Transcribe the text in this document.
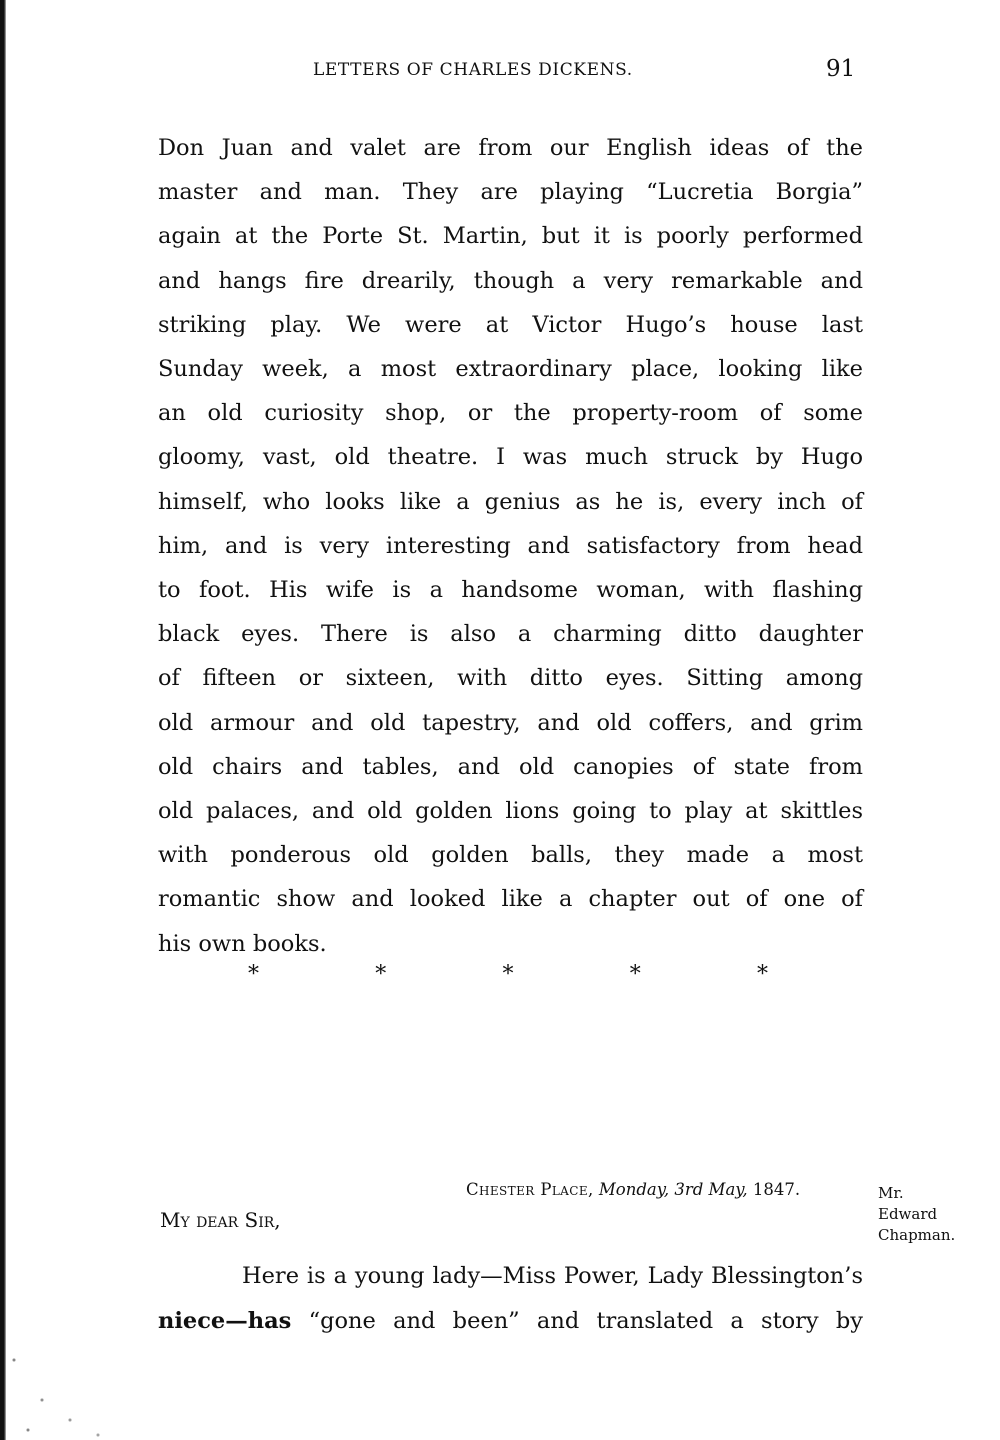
LETTERS OF CHARLES DICKENS.	91
Don Juan and valet are from our English ideas of the
master and man. They are playing “Lucretia Borgia”
again at the Porte St. Martin, but it is poorly performed
and hangs fire drearily, though a very remarkable and
striking play. We were at Victor Hugo’s house last
Sunday week, a most extraordinary place, looking like
an old curiosity shop, or the property-room of some
gloomy, vast, old theatre. I was much struck by Hugo
himself, who looks like a genius as he is, every inch of
him, and is very interesting and satisfactory from head
to foot. His wife is a handsome woman, with flashing
black eyes. There is also a charming ditto daughter
of fifteen or sixteen, with ditto eyes. Sitting among
old armour and old tapestry, and old coffers, and grim
old chairs and tables, and old canopies of state from
old palaces, and old golden lions going to play at skittles
with ponderous old golden balls, they made a most
romantic show and looked like a chapter out of one of
his own books.
*	*	*	*	*
Chester Place, Monday, 3rd May, 1847.	Mr.
Edward
Chapman.
My dear Sir,
Here is a young lady—Miss Power, Lady Blessington’s
niece—has “gone and been” and translated a story by
